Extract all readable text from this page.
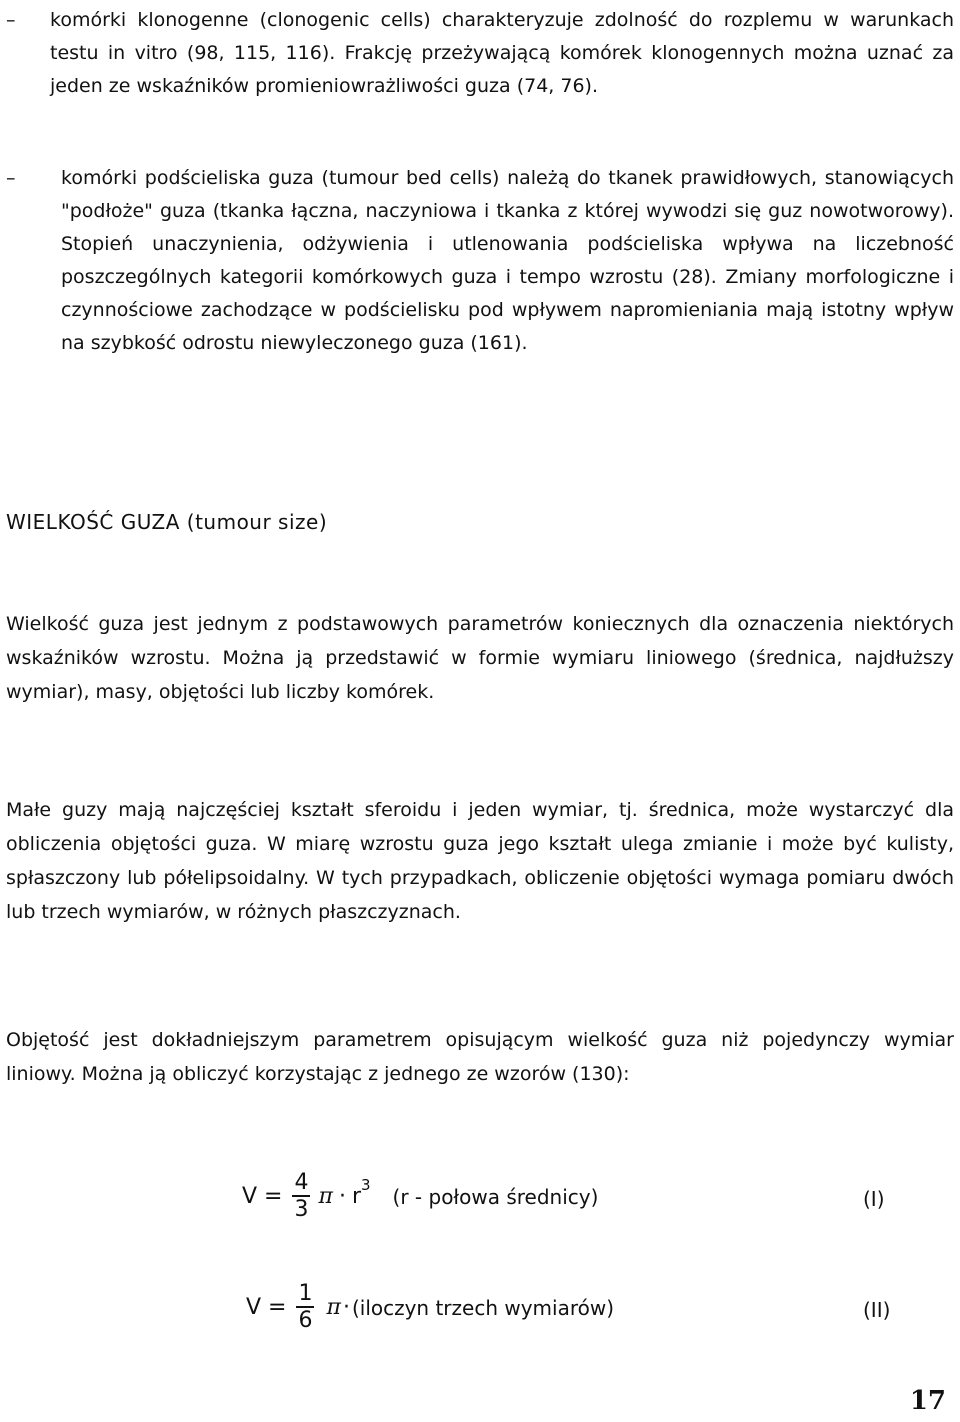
–	komórki klonogenne (clonogenic cells) charakteryzuje zdolność do rozplemu w warunkach testu in vitro (98, 115, 116). Frakcję przeżywającą komórek klonogennych można uznać za jeden ze wskaźników promieniowrażliwości guza (74, 76).
–	komórki podścieliska guza (tumour bed cells) należą do tkanek prawidłowych, stanowiących "podłoże" guza (tkanka łączna, naczyniowa i tkanka z której wywodzi się guz nowotworowy). Stopień unaczynienia, odżywienia i utlenowania podścieliska wpływa na liczebność poszczególnych kategorii komórkowych guza i tempo wzrostu (28). Zmiany morfologiczne i czynnościowe zachodzące w podścielisku pod wpływem napromieniania mają istotny wpływ na szybkość odrostu niewyleczonego guza (161).
WIELKOŚĆ GUZA (tumour size)
Wielkość guza jest jednym z podstawowych parametrów koniecznych dla oznaczenia niektórych wskaźników wzrostu. Można ją przedstawić w formie wymiaru liniowego (średnica, najdłuższy wymiar), masy, objętości lub liczby komórek.
Małe guzy mają najczęściej kształt sferoidu i jeden wymiar, tj. średnica, może wystarczyć dla obliczenia objętości guza. W miarę wzrostu guza jego kształt ulega zmianie i może być kulisty, spłaszczony lub półelipsoidalny. W tych przypadkach, obliczenie objętości wymaga pomiaru dwóch lub trzech wymiarów, w różnych płaszczyznach.
Objętość jest dokładniejszym parametrem opisującym wielkość guza niż pojedynczy wymiar liniowy. Można ją obliczyć korzystając z jednego ze wzorów (130):
$V = \frac{4}{3}$ π · r 3 (r - połowa średnicy)	(I)
$V = \frac{1}{6}$ π · (iloczyn trzech wymiarów)	(II)
17
